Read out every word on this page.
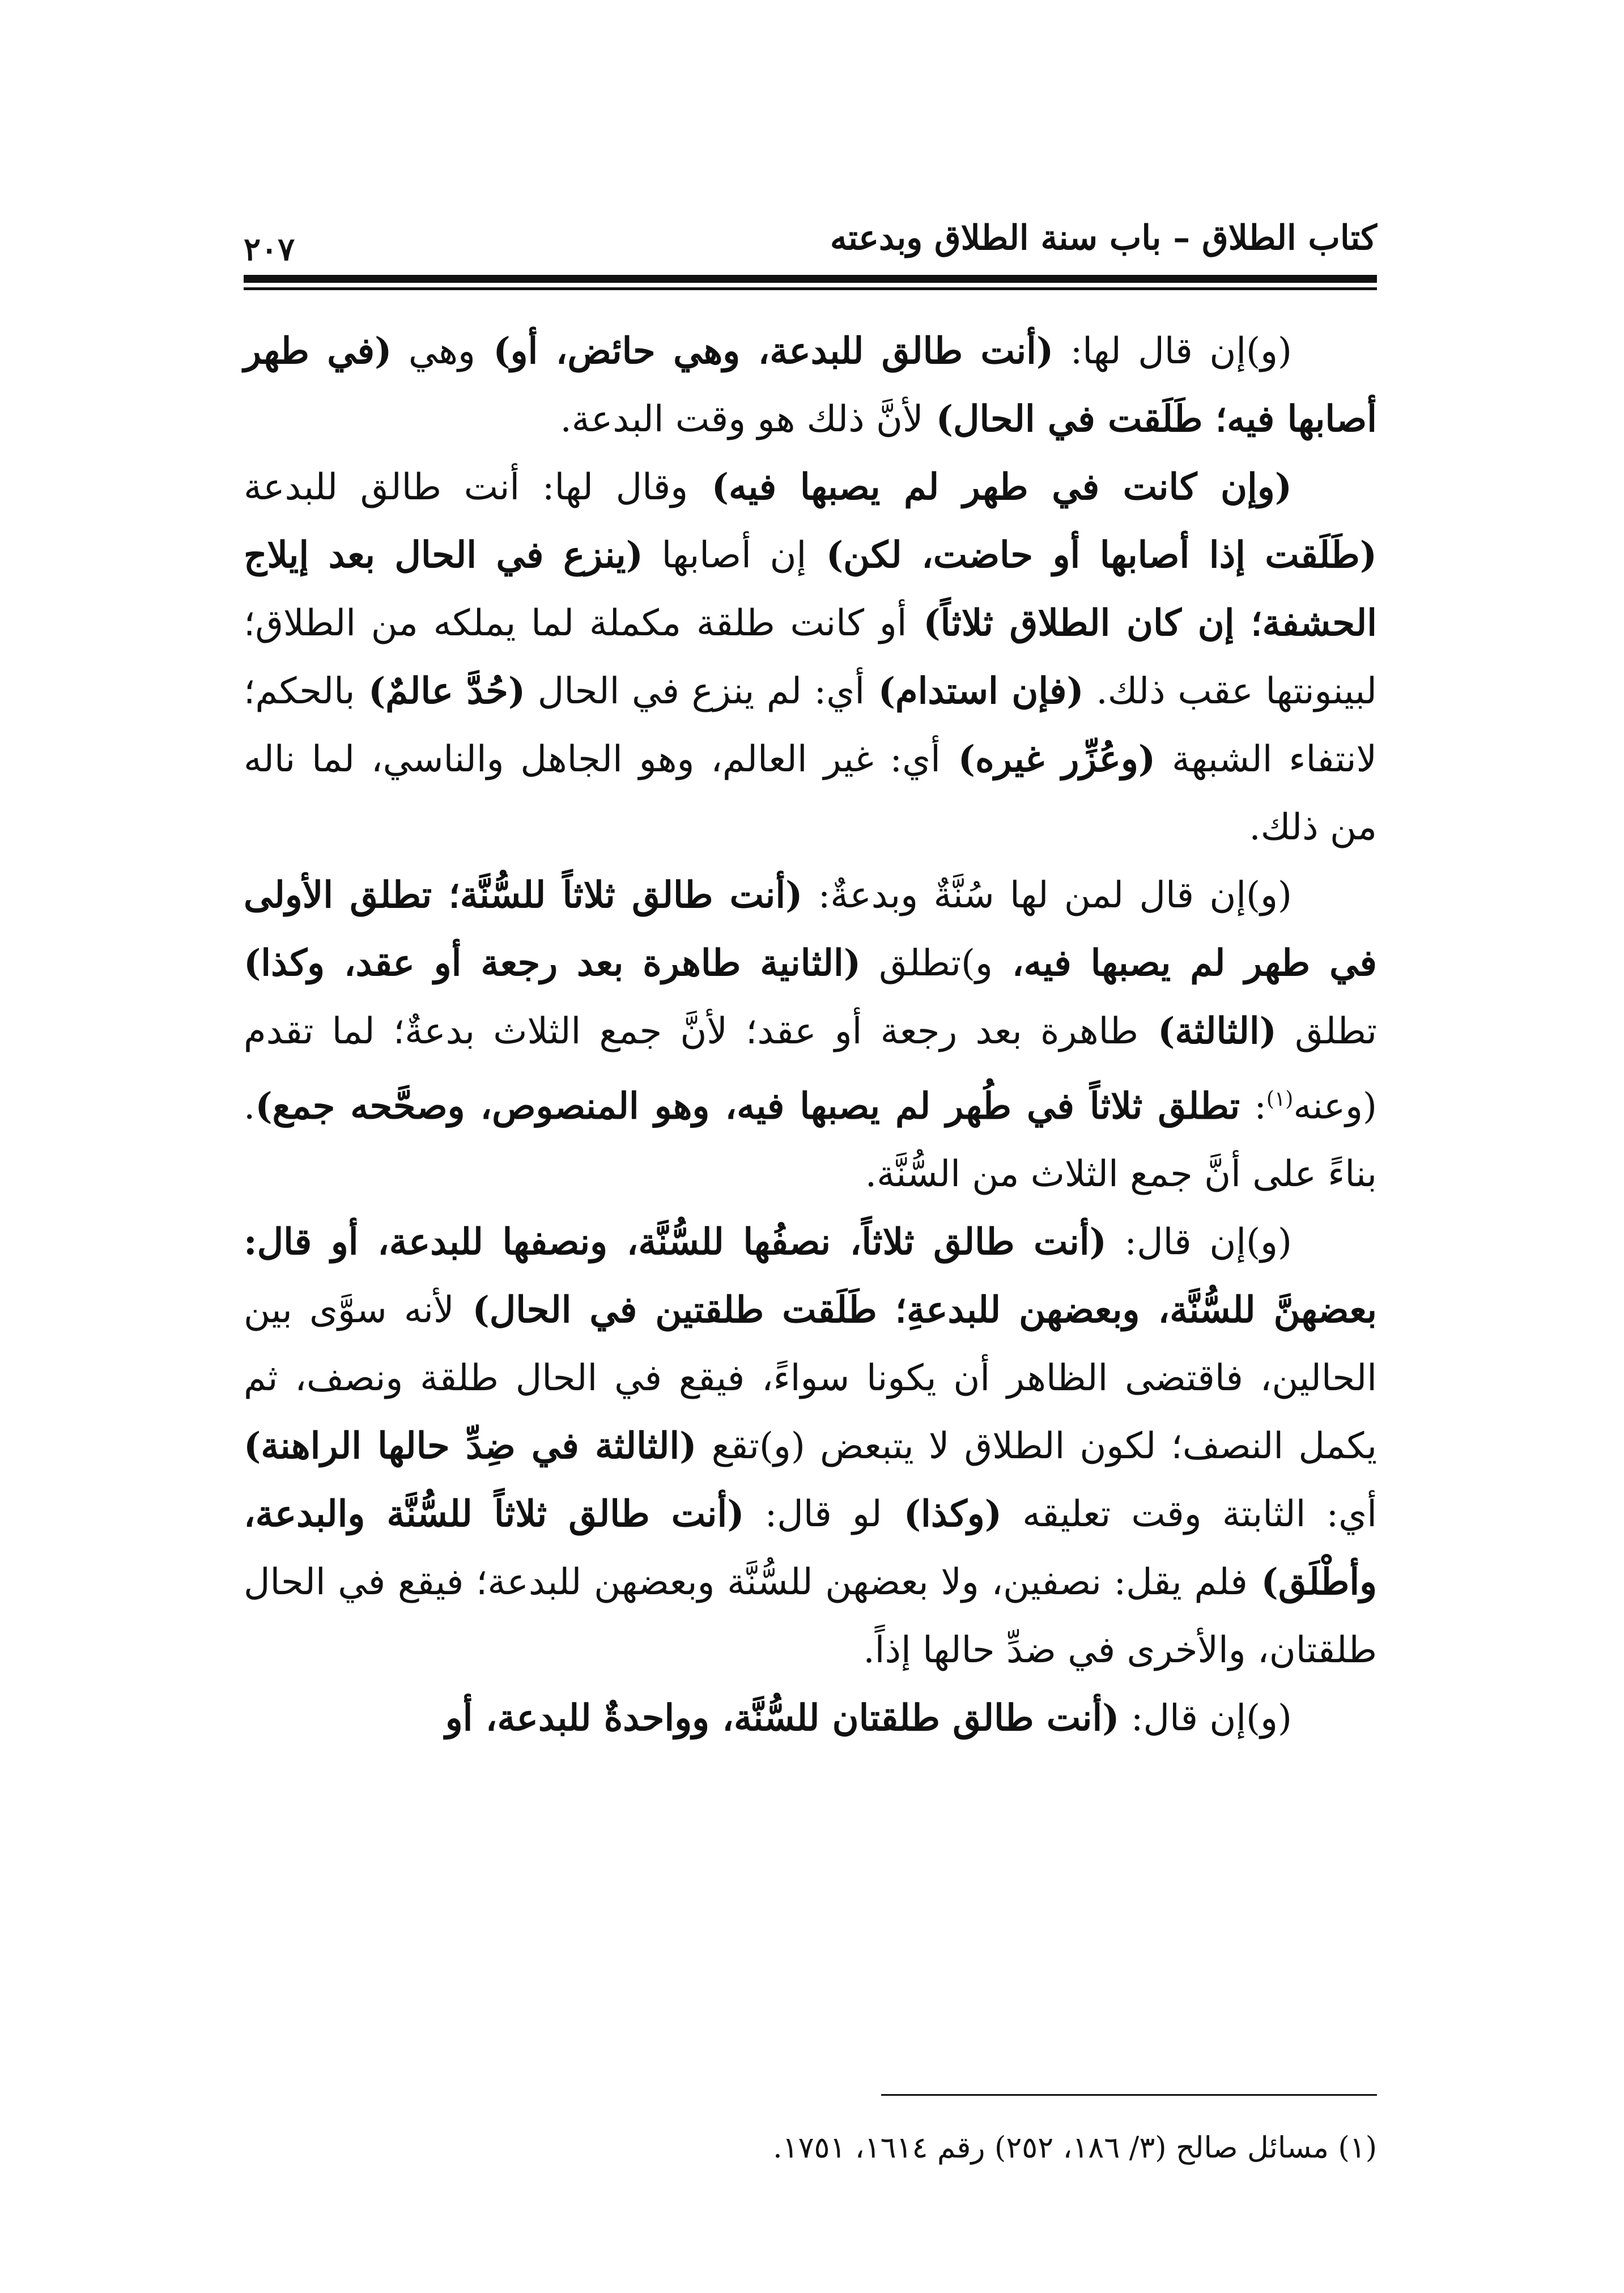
كتاب الطلاق – باب سنة الطلاق وبدعته
٢٠٧

(و)إن قال لها: (أنت طالق للبدعة، وهي حائض، أو) وهي (في طهر أصابها فيه؛ طَلَقت في الحال) لأنَّ ذلك هو وقت البدعة.

(وإن كانت في طهر لم يصبها فيه) وقال لها: أنت طالق للبدعة (طَلَقت إذا أصابها أو حاضت، لكن) إن أصابها (ينزع في الحال بعد إيلاج الحشفة؛ إن كان الطلاق ثلاثاً) أو كانت طلقة مكملة لما يملكه من الطلاق؛ لبينونتها عقب ذلك. (فإن استدام) أي: لم ينزع في الحال (حُدَّ عالمٌ) بالحكم؛ لانتفاء الشبهة (وعُزِّر غيره) أي: غير العالم، وهو الجاهل والناسي، لما ناله من ذلك.

(و)إن قال لمن لها سُنَّةٌ وبدعةٌ: (أنت طالق ثلاثاً للسُّنَّة؛ تطلق الأولى في طهر لم يصبها فيه، و)تطلق (الثانية طاهرة بعد رجعة أو عقد، وكذا) تطلق (الثالثة) طاهرة بعد رجعة أو عقد؛ لأنَّ جمع الثلاث بدعةٌ؛ لما تقدم (وعنه$^{(١)}$: تطلق ثلاثاً في طُهر لم يصبها فيه، وهو المنصوص، وصحَّحه جمع). بناءً على أنَّ جمع الثلاث من السُّنَّة.

(و)إن قال: (أنت طالق ثلاثاً، نصفُها للسُّنَّة، ونصفها للبدعة، أو قال: بعضهنَّ للسُّنَّة، وبعضهن للبدعةِ؛ طَلَقت طلقتين في الحال) لأنه سوَّى بين الحالين، فاقتضى الظاهر أن يكونا سواءً، فيقع في الحال طلقة ونصف، ثم يكمل النصف؛ لكون الطلاق لا يتبعض (و)تقع (الثالثة في ضِدِّ حالها الراهنة) أي: الثابتة وقت تعليقه (وكذا) لو قال: (أنت طالق ثلاثاً للسُّنَّة والبدعة، وأطْلَق) فلم يقل: نصفين، ولا بعضهن للسُّنَّة وبعضهن للبدعة؛ فيقع في الحال طلقتان، والأخرى في ضدِّ حالها إذاً.

(و)إن قال: (أنت طالق طلقتان للسُّنَّة، وواحدةٌ للبدعة، أو

(١) مسائل صالح (٣/ ١٨٦، ٢٥٢) رقم ١٦١٤، ١٧٥١.
